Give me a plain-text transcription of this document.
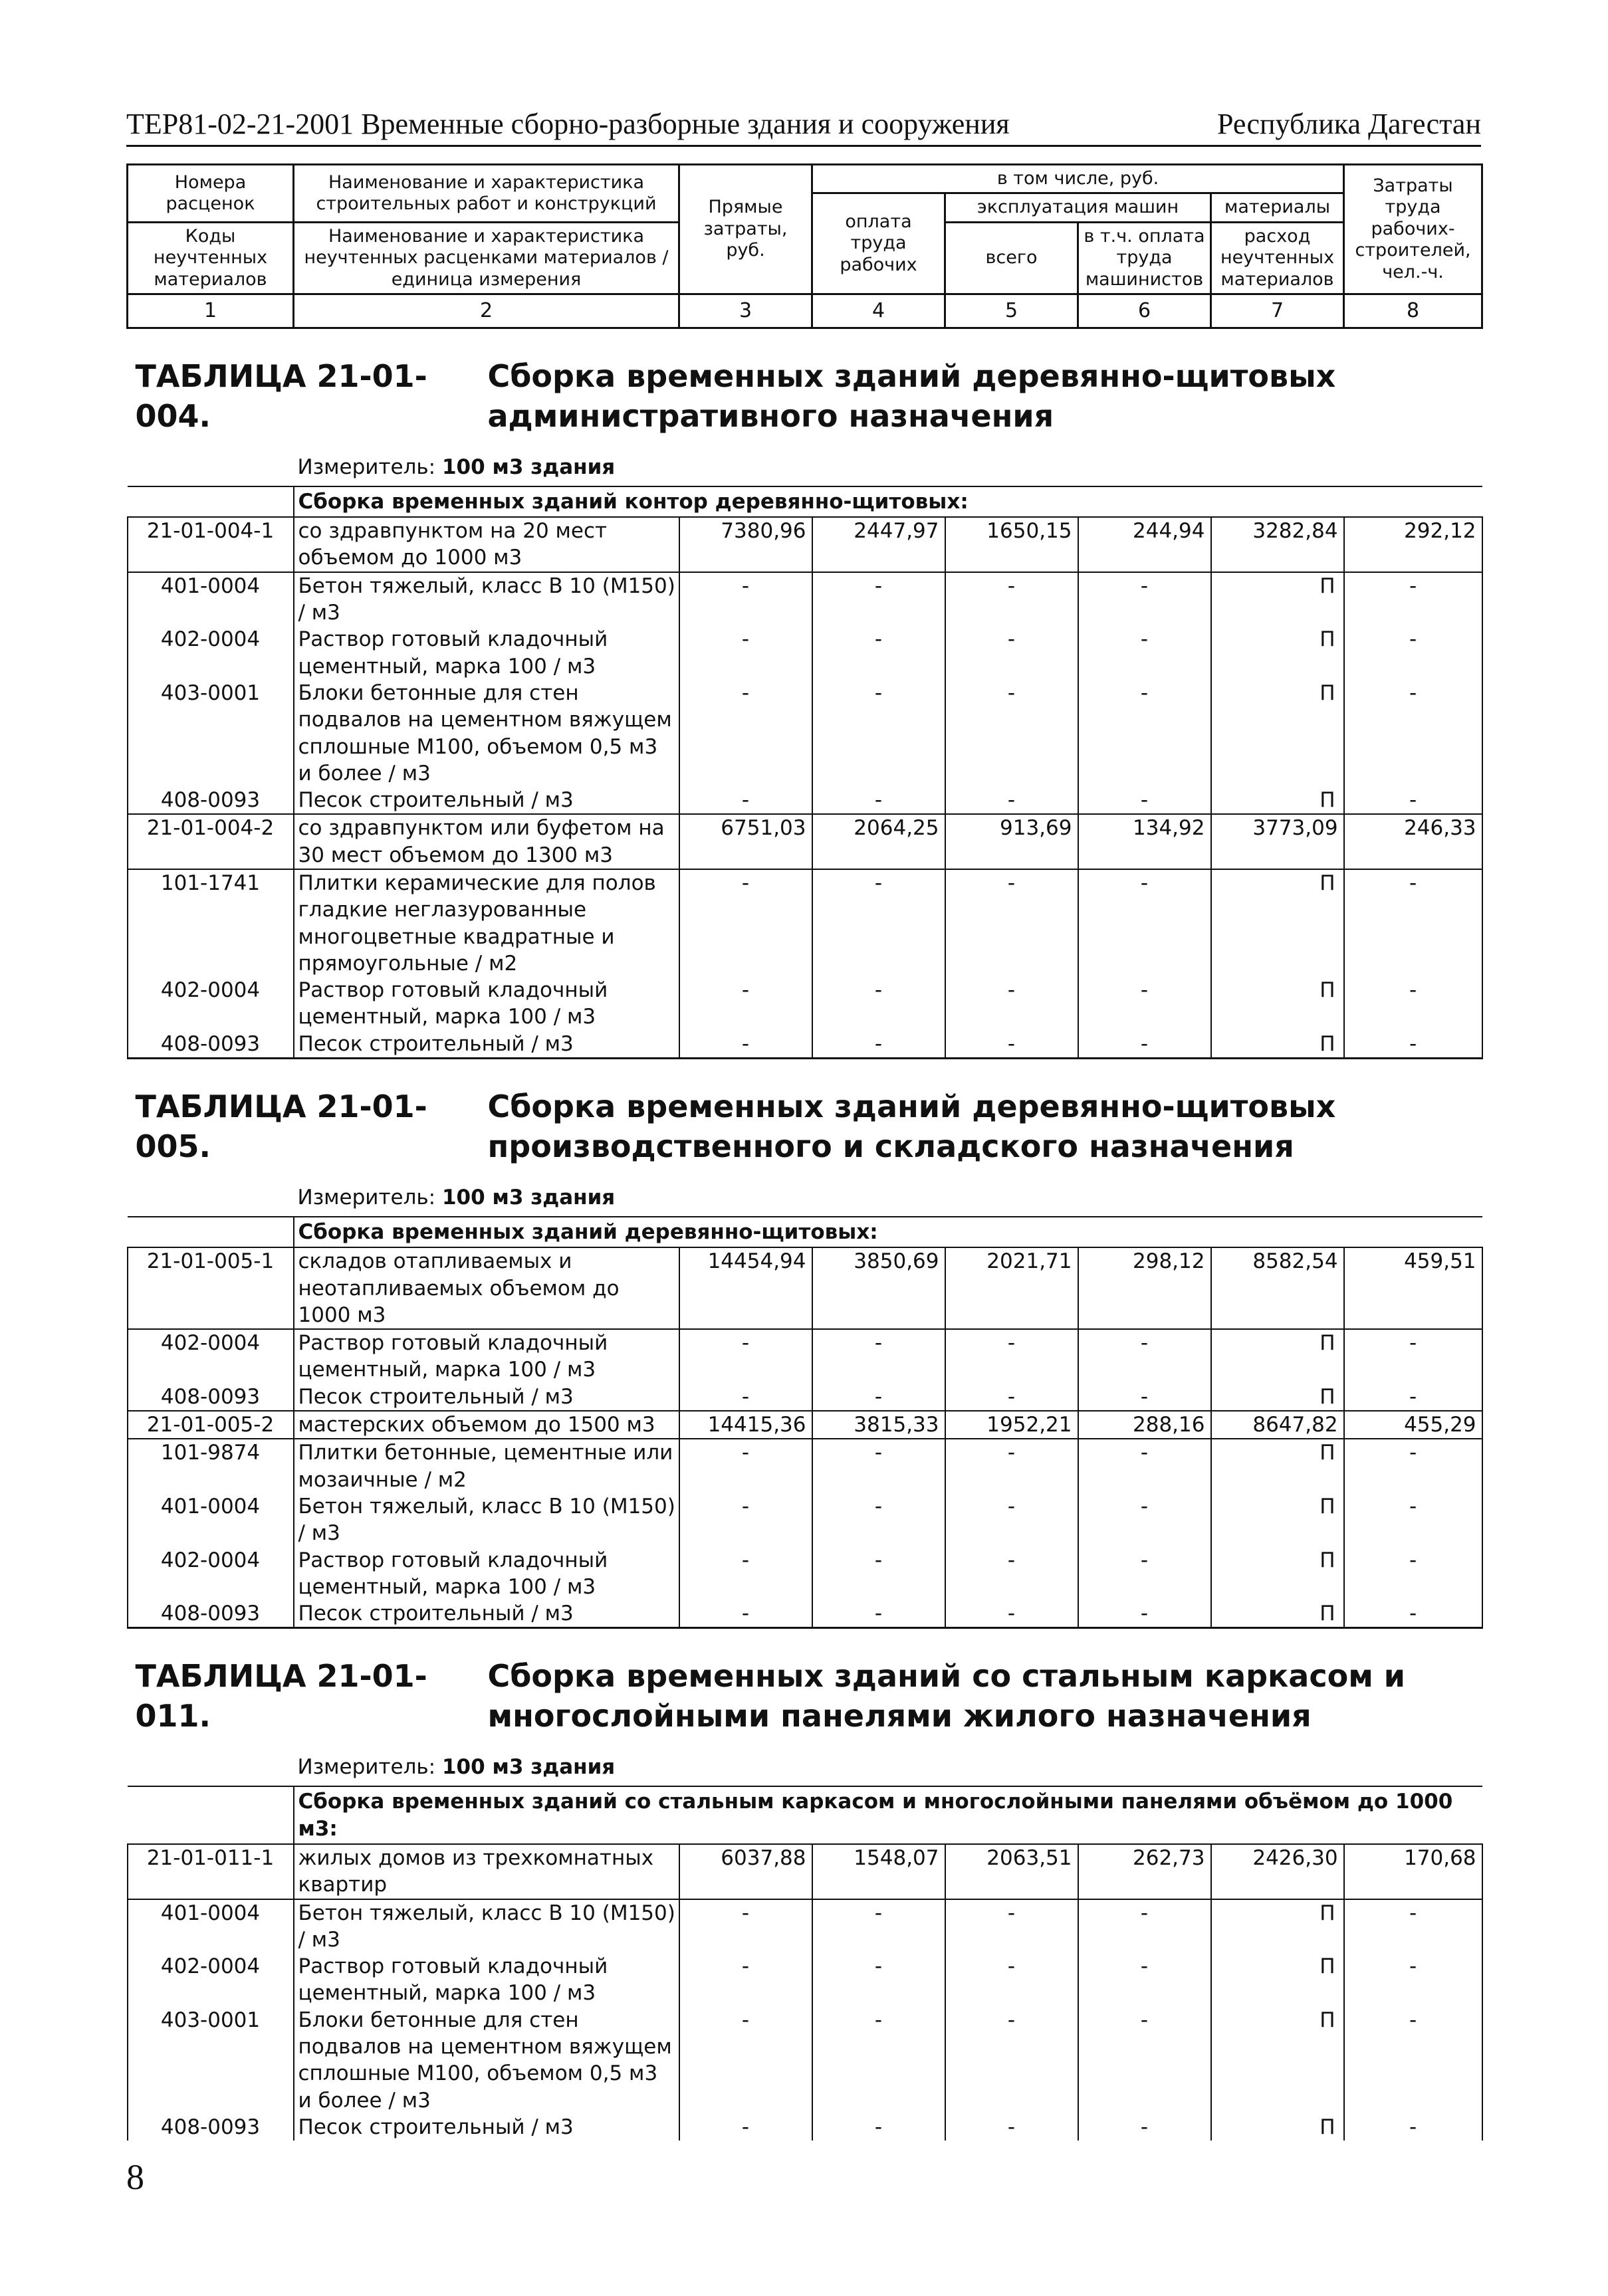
ТЕР81-02-21-2001 Временные сборно-разборные здания и сооружения	Республика Дагестан
Номера расценок	Наименование и характеристика строительных работ и конструкций	Прямые затраты, руб.	в том числе, руб.				Затраты труда рабочих-строителей, чел.-ч.
			оплата труда рабочих	эксплуатация машин		материалы	
Коды неучтенных материалов	Наименование и характеристика неучтенных расценками материалов / единица измерения			всего	в т.ч. оплата труда машинистов	расход неучтенных материалов	

1	2	3	4	5	6	7	8
ТАБЛИЦА 21-01-004.Сборка временных зданий деревянно-щитовых административного назначения							
	Измеритель: 100 м3 здания						
	Сборка временных зданий контор деревянно-щитовых:						
21-01-004-1	со здравпунктом на 20 мест объемом до 1000 м3	7380,96	2447,97	1650,15	244,94	3282,84	292,12
401-0004	Бетон тяжелый, класс В 10 (М150) / м3	-	-	-	-	П	-
402-0004	Раствор готовый кладочный цементный, марка 100 / м3	-	-	-	-	П	-
403-0001	Блоки бетонные для стен подвалов на цементном вяжущем сплошные М100, объемом 0,5 м3 и более / м3	-	-	-	-	П	-
408-0093	Песок строительный / м3	-	-	-	-	П	-
21-01-004-2	со здравпунктом или буфетом на 30 мест объемом до 1300 м3	6751,03	2064,25	913,69	134,92	3773,09	246,33
101-1741	Плитки керамические для полов гладкие неглазурованные многоцветные квадратные и прямоугольные / м2	-	-	-	-	П	-
402-0004	Раствор готовый кладочный цементный, марка 100 / м3	-	-	-	-	П	-
408-0093	Песок строительный / м3	-	-	-	-	П	-
ТАБЛИЦА 21-01-005.Сборка временных зданий деревянно-щитовых производственного и складского назначения							
	Измеритель: 100 м3 здания						
	Сборка временных зданий деревянно-щитовых:						
21-01-005-1	складов отапливаемых и неотапливаемых объемом до 1000 м3	14454,94	3850,69	2021,71	298,12	8582,54	459,51
402-0004	Раствор готовый кладочный цементный, марка 100 / м3	-	-	-	-	П	-
408-0093	Песок строительный / м3	-	-	-	-	П	-
21-01-005-2	мастерских объемом до 1500 м3	14415,36	3815,33	1952,21	288,16	8647,82	455,29
101-9874	Плитки бетонные, цементные или мозаичные / м2	-	-	-	-	П	-
401-0004	Бетон тяжелый, класс В 10 (М150) / м3	-	-	-	-	П	-
402-0004	Раствор готовый кладочный цементный, марка 100 / м3	-	-	-	-	П	-
408-0093	Песок строительный / м3	-	-	-	-	П	-
ТАБЛИЦА 21-01-011.Сборка временных зданий со стальным каркасом и многослойными панелями жилого назначения							
	Измеритель: 100 м3 здания						
	Сборка временных зданий со стальным каркасом и многослойными панелями объёмом до 1000 м3:						
21-01-011-1	жилых домов из трехкомнатных квартир	6037,88	1548,07	2063,51	262,73	2426,30	170,68
401-0004	Бетон тяжелый, класс В 10 (М150) / м3	-	-	-	-	П	-
402-0004	Раствор готовый кладочный цементный, марка 100 / м3	-	-	-	-	П	-
403-0001	Блоки бетонные для стен подвалов на цементном вяжущем сплошные М100, объемом 0,5 м3 и более / м3	-	-	-	-	П	-
408-0093	Песок строительный / м3	-	-	-	-	П	-
8
